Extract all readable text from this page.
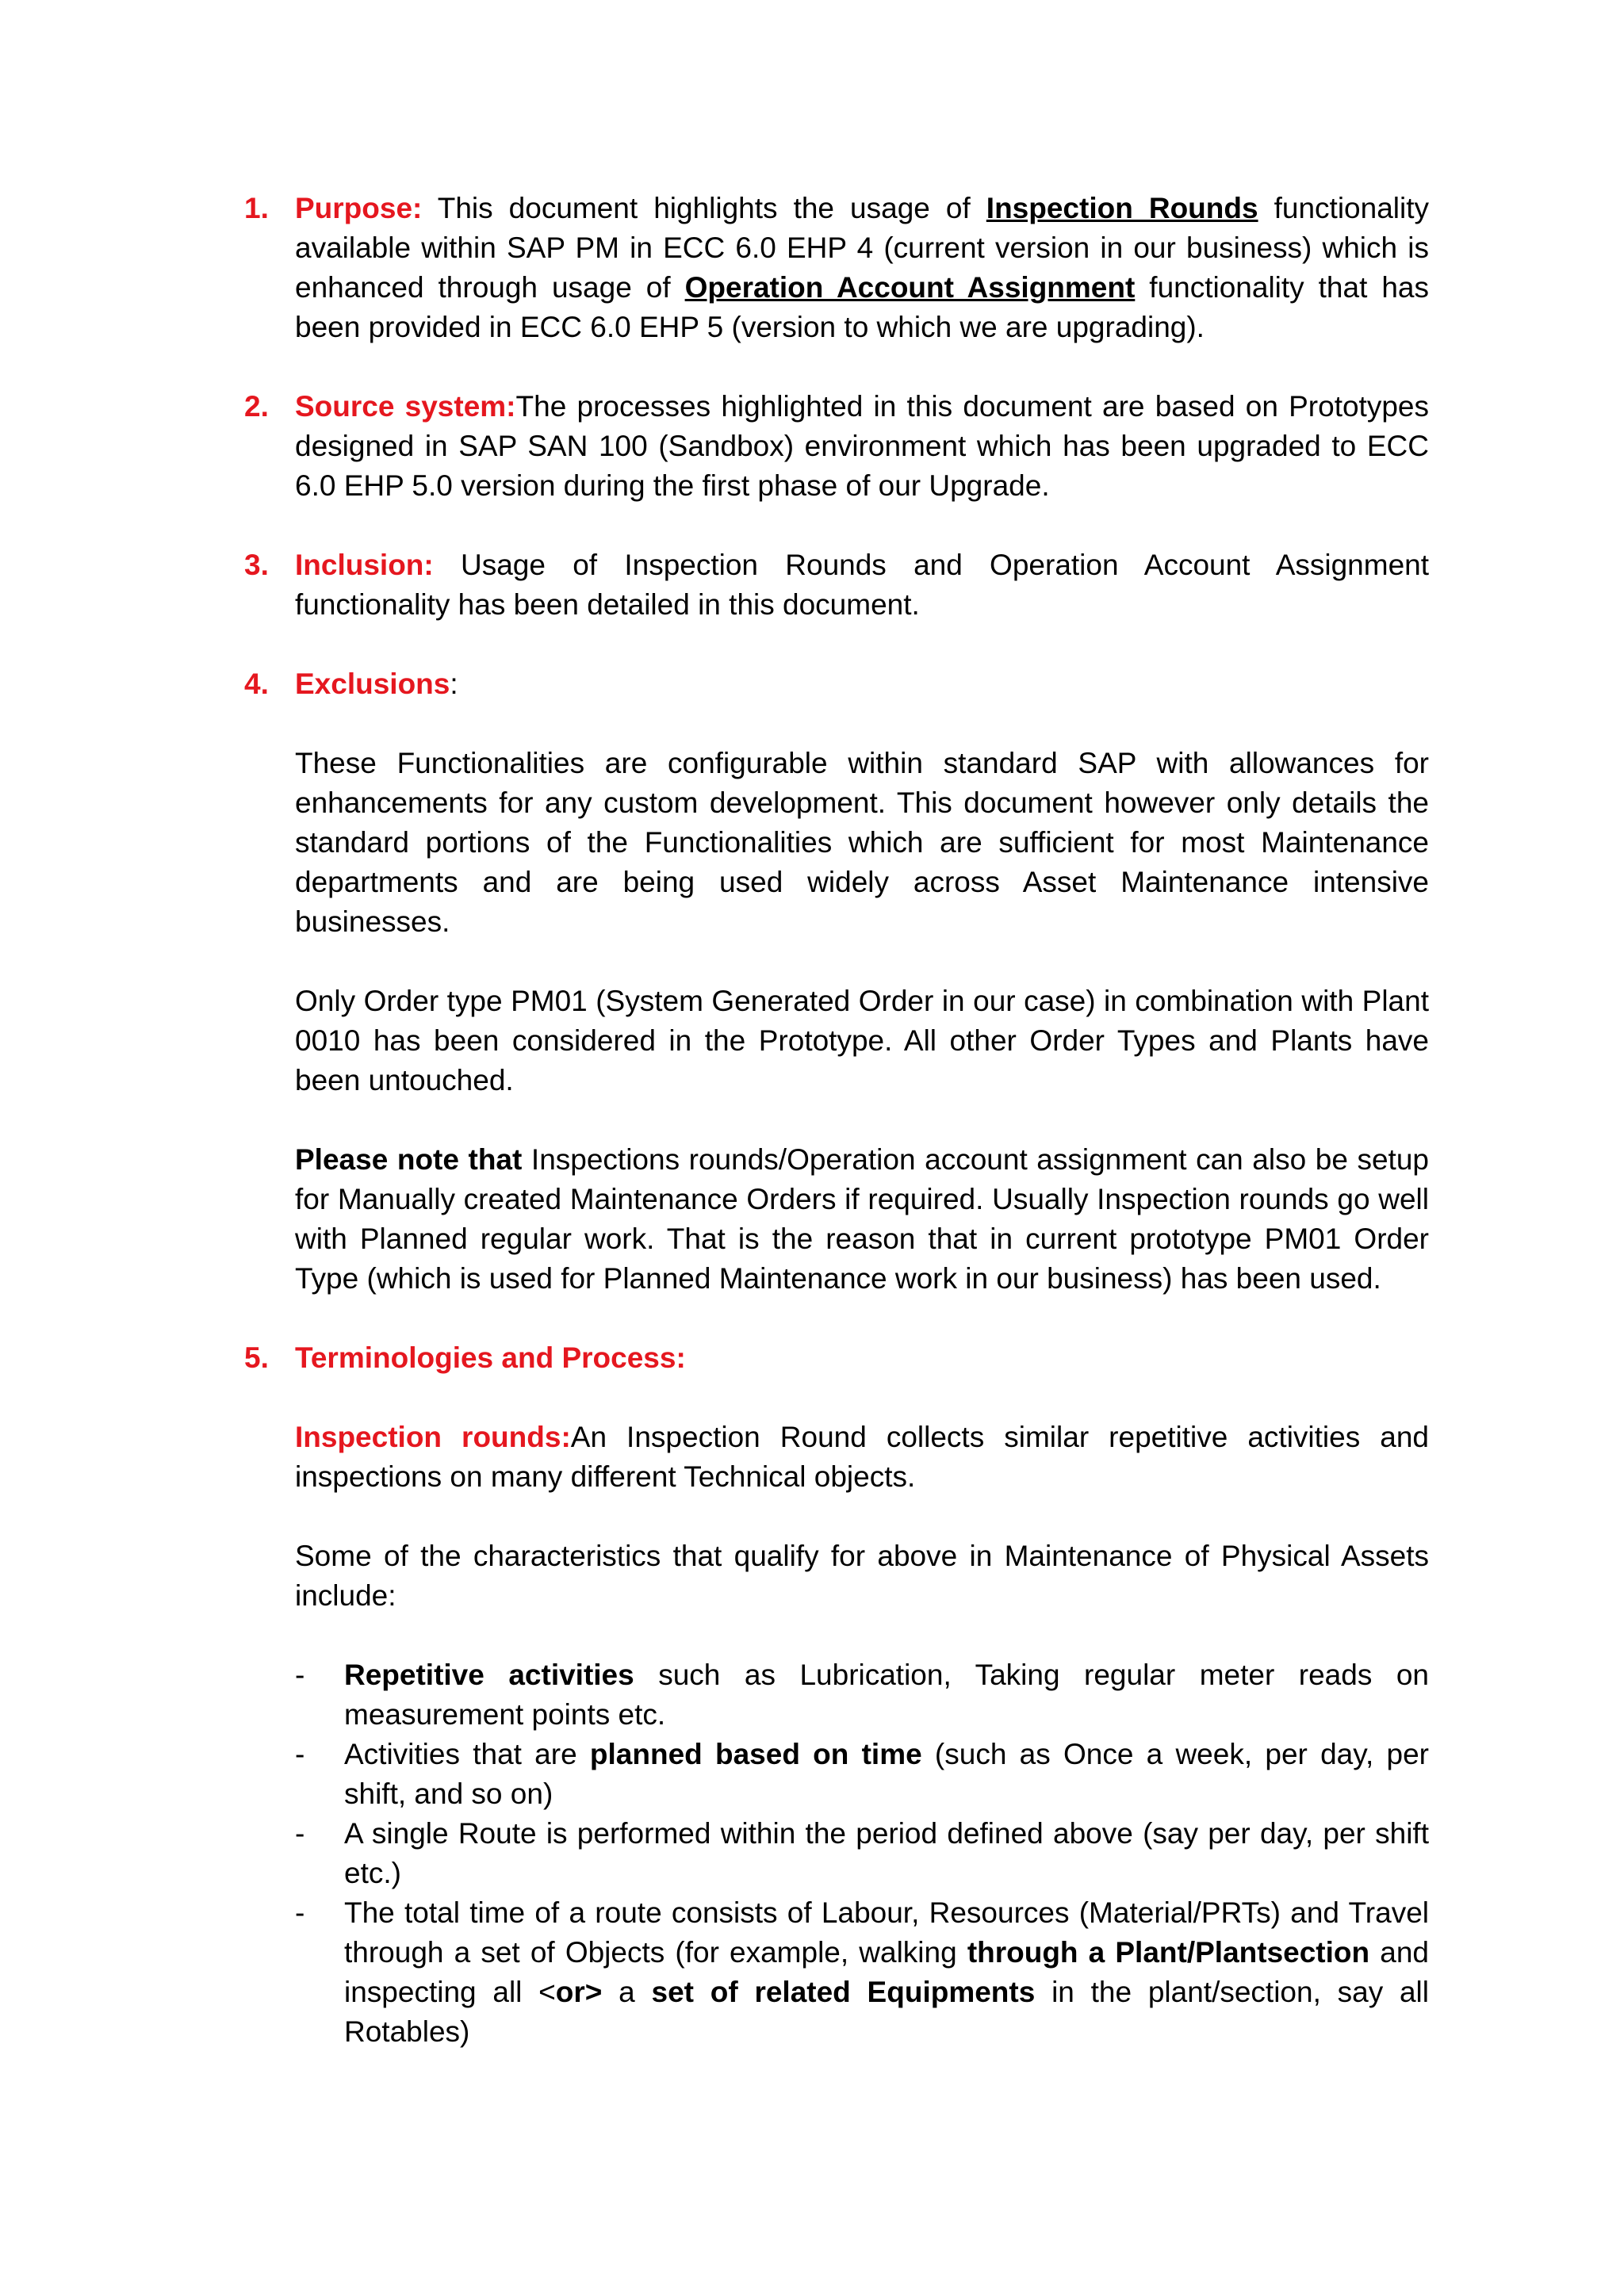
1. Purpose: This document highlights the usage of Inspection Rounds functionality available within SAP PM in ECC 6.0 EHP 4 (current version in our business) which is enhanced through usage of Operation Account Assignment functionality that has been provided in ECC 6.0 EHP 5 (version to which we are upgrading).
2. Source system:The processes highlighted in this document are based on Prototypes designed in SAP SAN 100 (Sandbox) environment which has been upgraded to ECC 6.0 EHP 5.0 version during the first phase of our Upgrade.
3. Inclusion: Usage of Inspection Rounds and Operation Account Assignment functionality has been detailed in this document.
4. Exclusions:

These Functionalities are configurable within standard SAP with allowances for enhancements for any custom development. This document however only details the standard portions of the Functionalities which are sufficient for most Maintenance departments and are being used widely across Asset Maintenance intensive businesses.

Only Order type PM01 (System Generated Order in our case) in combination with Plant 0010 has been considered in the Prototype. All other Order Types and Plants have been untouched.

Please note that Inspections rounds/Operation account assignment can also be setup for Manually created Maintenance Orders if required. Usually Inspection rounds go well with Planned regular work. That is the reason that in current prototype PM01 Order Type (which is used for Planned Maintenance work in our business) has been used.

5. Terminologies and Process:

Inspection rounds:An Inspection Round collects similar repetitive activities and inspections on many different Technical objects.

Some of the characteristics that qualify for above in Maintenance of Physical Assets include:

- Repetitive activities such as Lubrication, Taking regular meter reads on measurement points etc.
- Activities that are planned based on time (such as Once a week, per day, per shift, and so on)
- A single Route is performed within the period defined above (say per day, per shift etc.)
- The total time of a route consists of Labour, Resources (Material/PRTs) and Travel through a set of Objects (for example, walking through a Plant/Plantsection and inspecting all <or> a set of related Equipments in the plant/section, say all Rotables)
